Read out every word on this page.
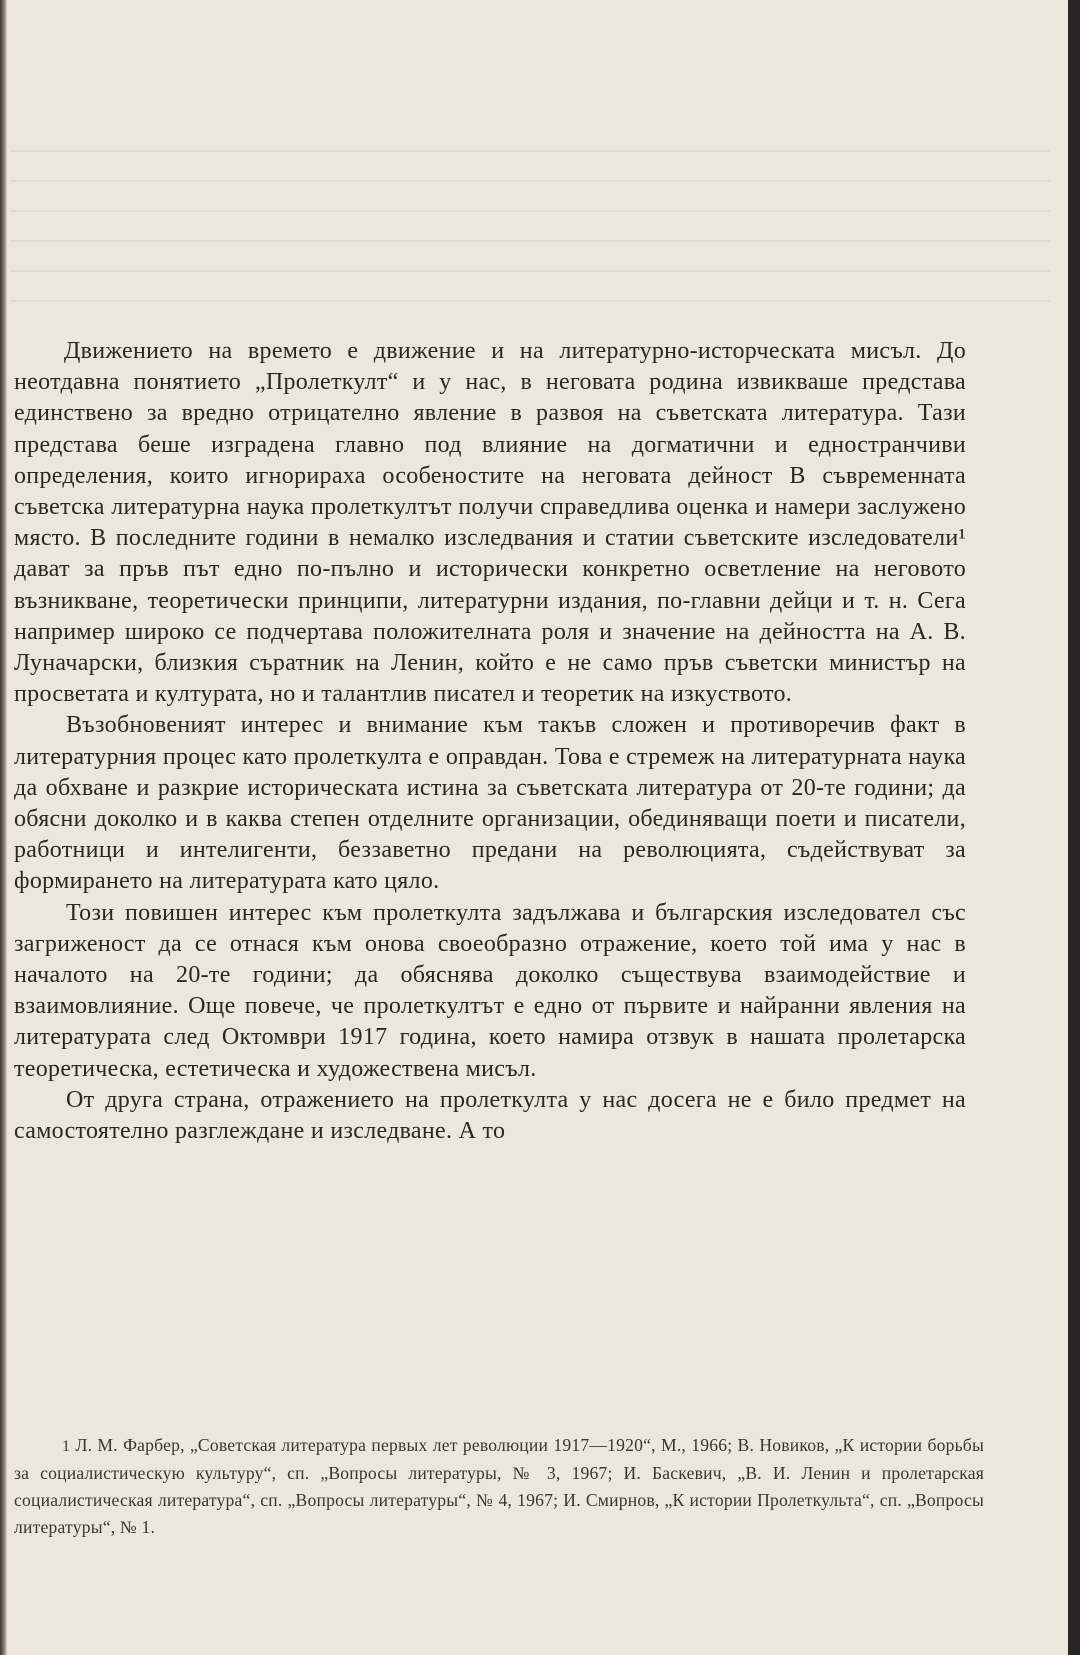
Движението на времето е движение и на литературно-исторческата мисъл. До неотдавна понятието „Пролеткулт“ и у нас, в неговата родина извикваше представа единствено за вредно отрицателно явление в развоя на съветската литература. Тази представа беше изградена главно под влияние на догматични и едностранчиви определения, които игнорираха особеностите на неговата дейност В съвременната съветска литературна наука пролеткултът получи справедлива оценка и намери заслужено място. В последните години в немалко изследвания и статии съветските изследователи¹ дават за пръв път едно по-пълно и исторически конкретно осветление на неговото възникване, теоретически принципи, литературни издания, по-главни дейци и т. н. Сега например широко се подчертава положителната роля и значение на дейността на А. В. Луначарски, близкия съратник на Ленин, който е не само пръв съветски министър на просветата и културата, но и талантлив писател и теоретик на изкуството.

Възобновеният интерес и внимание към такъв сложен и противоречив факт в литературния процес като пролеткулта е оправдан. Това е стремеж на литературната наука да обхване и разкрие историческата истина за съветската литература от 20-те години; да обясни доколко и в каква степен отделните организации, обединяващи поети и писатели, работници и интелигенти, беззаветно предани на революцията, съдействуват за формирането на литературата като цяло.

Този повишен интерес към пролеткулта задължава и българския изследовател със загриженост да се отнася към онова своеобразно отражение, което той има у нас в началото на 20-те години; да обяснява доколко съществува взаимодействие и взаимовлияние. Още повече, че пролеткултът е едно от първите и найранни явления на литературата след Октомври 1917 година, което намира отзвук в нашата пролетарска теоретическа, естетическа и художествена мисъл.

От друга страна, отражението на пролеткулта у нас досега не е било предмет на самостоятелно разглеждане и изследване. А то

1 Л. М. Фарбер, „Советская литература первых лет революции 1917—1920“, М., 1966; В. Новиков, „К истории борьбы за социалистическую культуру“, сп. „Вопросы литературы, № 3, 1967; И. Баскевич, „В. И. Ленин и пролетарская социалистическая литература“, сп. „Вопросы литературы“, № 4, 1967; И. Смирнов, „К истории Пролеткульта“, сп. „Вопросы литературы“, № 1.
